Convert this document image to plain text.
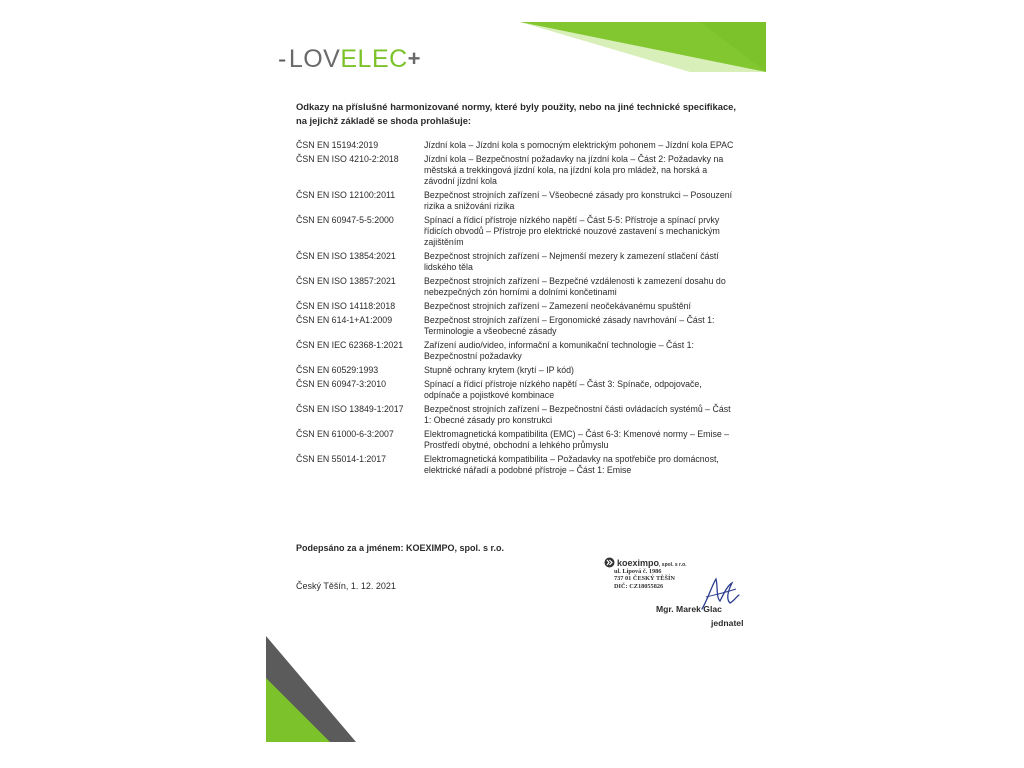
- LOV ELEC +
Odkazy na příslušné harmonizované normy, které byly použity, nebo na jiné technické specifikace, na jejichž základě se shoda prohlašuje:
ČSN EN 15194:2019	Jízdní kola – Jízdní kola s pomocným elektrickým pohonem – Jízdní kola EPAC
ČSN EN ISO 4210-2:2018	Jízdní kola – Bezpečnostní požadavky na jízdní kola – Část 2: Požadavky na městská a trekkingová jízdní kola, na jízdní kola pro mládež, na horská a závodní jízdní kola
ČSN EN ISO 12100:2011	Bezpečnost strojních zařízení – Všeobecné zásady pro konstrukci – Posouzení rizika a snižování rizika
ČSN EN 60947-5-5:2000	Spínací a řídicí přístroje nízkého napětí – Část 5-5: Přístroje a spínací prvky řídicích obvodů – Přístroje pro elektrické nouzové zastavení s mechanickým zajištěním
ČSN EN ISO 13854:2021	Bezpečnost strojních zařízení – Nejmenší mezery k zamezení stlačení částí lidského těla
ČSN EN ISO 13857:2021	Bezpečnost strojních zařízení – Bezpečné vzdálenosti k zamezení dosahu do nebezpečných zón horními a dolními končetinami
ČSN EN ISO 14118:2018	Bezpečnost strojních zařízení – Zamezení neočekávanému spuštění
ČSN EN 614-1+A1:2009	Bezpečnost strojních zařízení – Ergonomické zásady navrhování – Část 1: Terminologie a všeobecné zásady
ČSN EN IEC 62368-1:2021	Zařízení audio/video, informační a komunikační technologie – Část 1: Bezpečnostní požadavky
ČSN EN 60529:1993	Stupně ochrany krytem (krytí – IP kód)
ČSN EN 60947-3:2010	Spínací a řídicí přístroje nízkého napětí – Část 3: Spínače, odpojovače, odpínače a pojistkové kombinace
ČSN EN ISO 13849-1:2017	Bezpečnost strojních zařízení – Bezpečnostní části ovládacích systémů – Část 1: Obecné zásady pro konstrukci
ČSN EN 61000-6-3:2007	Elektromagnetická kompatibilita (EMC) – Část 6-3: Kmenové normy – Emise – Prostředí obytné, obchodní a lehkého průmyslu
ČSN EN 55014-1:2017	Elektromagnetická kompatibilita – Požadavky na spotřebiče pro domácnost, elektrické nářadí a podobné přístroje – Část 1: Emise
Podepsáno za a jménem: KOEXIMPO, spol. s r.o.
Český Těšín, 1. 12. 2021
koeximpo, spol. s r.o.
ul. Lipová č. 1986
737 01 ČESKÝ TĚŠÍN
DIČ: CZ18055826
Mgr. Marek Glac
jednatel
